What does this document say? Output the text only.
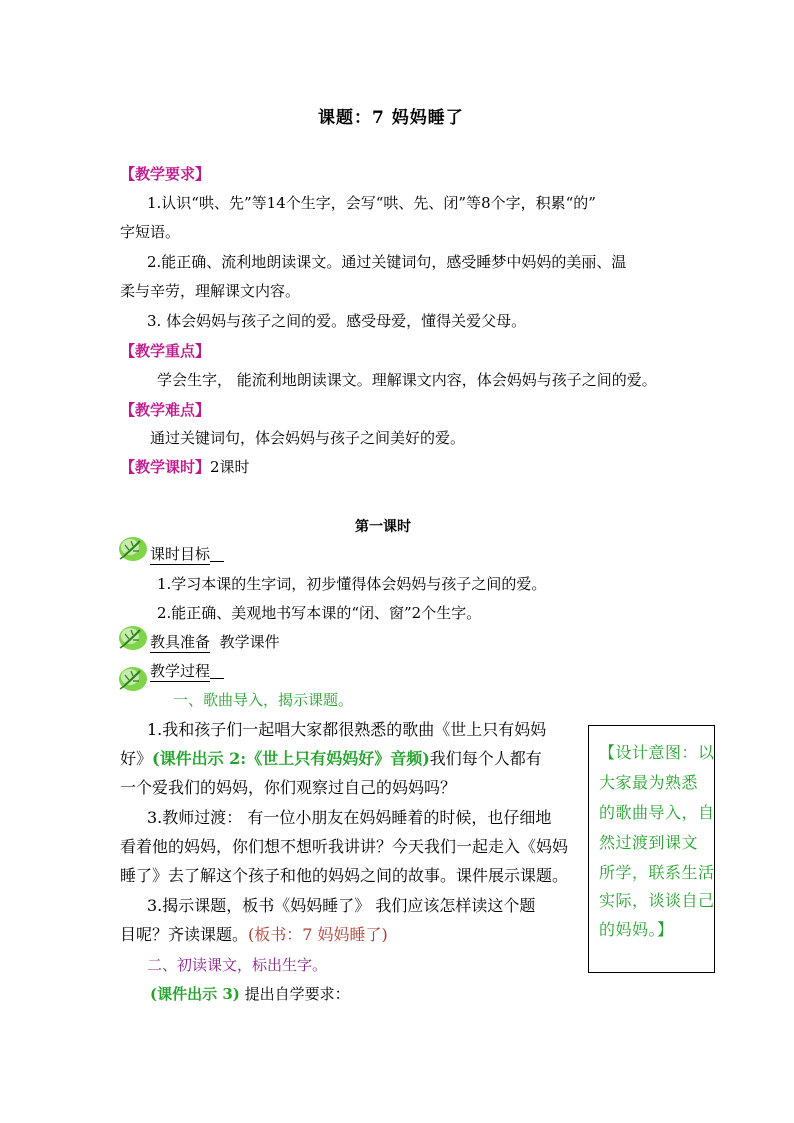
课题：7 妈妈睡了
【教学要求】
1.认识“哄、先”等14个生字，会写“哄、先、闭”等8个字，积累“的”
字短语。
2.能正确、流利地朗读课文。通过关键词句，感受睡梦中妈妈的美丽、温
柔与辛劳，理解课文内容。
3. 体会妈妈与孩子之间的爱。感受母爱，懂得关爱父母。
【教学重点】
学会生字， 能流利地朗读课文。理解课文内容，体会妈妈与孩子之间的爱。
【教学难点】
通过关键词句，体会妈妈与孩子之间美好的爱。
【教学课时】2课时
第一课时
课时目标
1.学习本课的生字词，初步懂得体会妈妈与孩子之间的爱。
2.能正确、美观地书写本课的“闭、窗”2个生字。
教具准备 教学课件
教学过程
一、歌曲导入，揭示课题。
1.我和孩子们一起唱大家都很熟悉的歌曲《世上只有妈妈
好》(课件出示 2:《世上只有妈妈好》音频)我们每个人都有
一个爱我们的妈妈，你们观察过自己的妈妈吗？
3.教师过渡： 有一位小朋友在妈妈睡着的时候，也仔细地
看着他的妈妈，你们想不想听我讲讲？今天我们一起走入《妈妈
睡了》去了解这个孩子和他的妈妈之间的故事。课件展示课题。
3.揭示课题，板书《妈妈睡了》 我们应该怎样读这个题
目呢？齐读课题。(板书：7 妈妈睡了)
二、初读课文，标出生字。
(课件出示 3) 提出自学要求：
【设计意图：以
大家最为熟悉
的歌曲导入，自
然过渡到课文
所学，联系生活
实际，谈谈自己
的妈妈。】
